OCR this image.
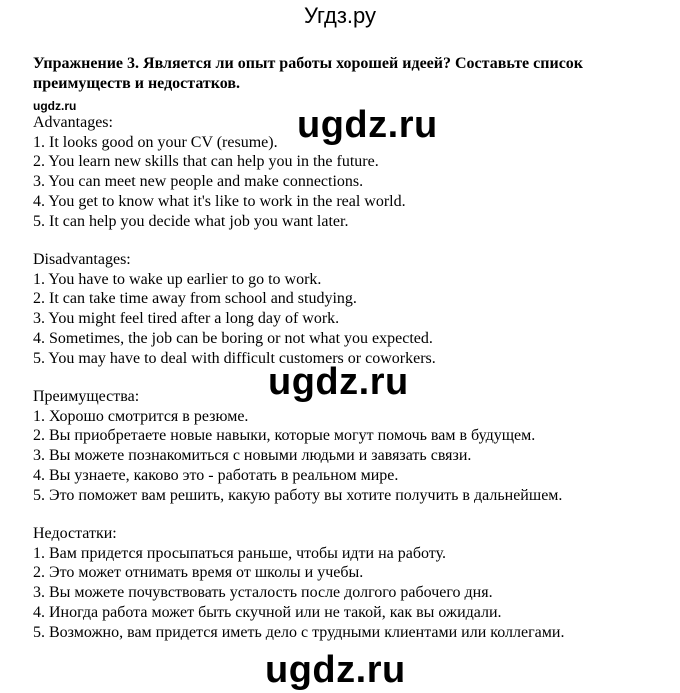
Угдз.ру
Упражнение 3. Является ли опыт работы хорошей идеей? Составьте список преимуществ и недостатков.
ugdz.ru
Advantages:
1. It looks good on your CV (resume).
2. You learn new skills that can help you in the future.
3. You can meet new people and make connections.
4. You get to know what it's like to work in the real world.
5. It can help you decide what job you want later.
Disadvantages:
1. You have to wake up earlier to go to work.
2. It can take time away from school and studying.
3. You might feel tired after a long day of work.
4. Sometimes, the job can be boring or not what you expected.
5. You may have to deal with difficult customers or coworkers.
Преимущества:
1. Хорошо смотрится в резюме.
2. Вы приобретаете новые навыки, которые могут помочь вам в будущем.
3. Вы можете познакомиться с новыми людьми и завязать связи.
4. Вы узнаете, каково это - работать в реальном мире.
5. Это поможет вам решить, какую работу вы хотите получить в дальнейшем.
Недостатки:
1. Вам придется просыпаться раньше, чтобы идти на работу.
2. Это может отнимать время от школы и учебы.
3. Вы можете почувствовать усталость после долгого рабочего дня.
4. Иногда работа может быть скучной или не такой, как вы ожидали.
5. Возможно, вам придется иметь дело с трудными клиентами или коллегами.
ugdz.ru
ugdz.ru
ugdz.ru
